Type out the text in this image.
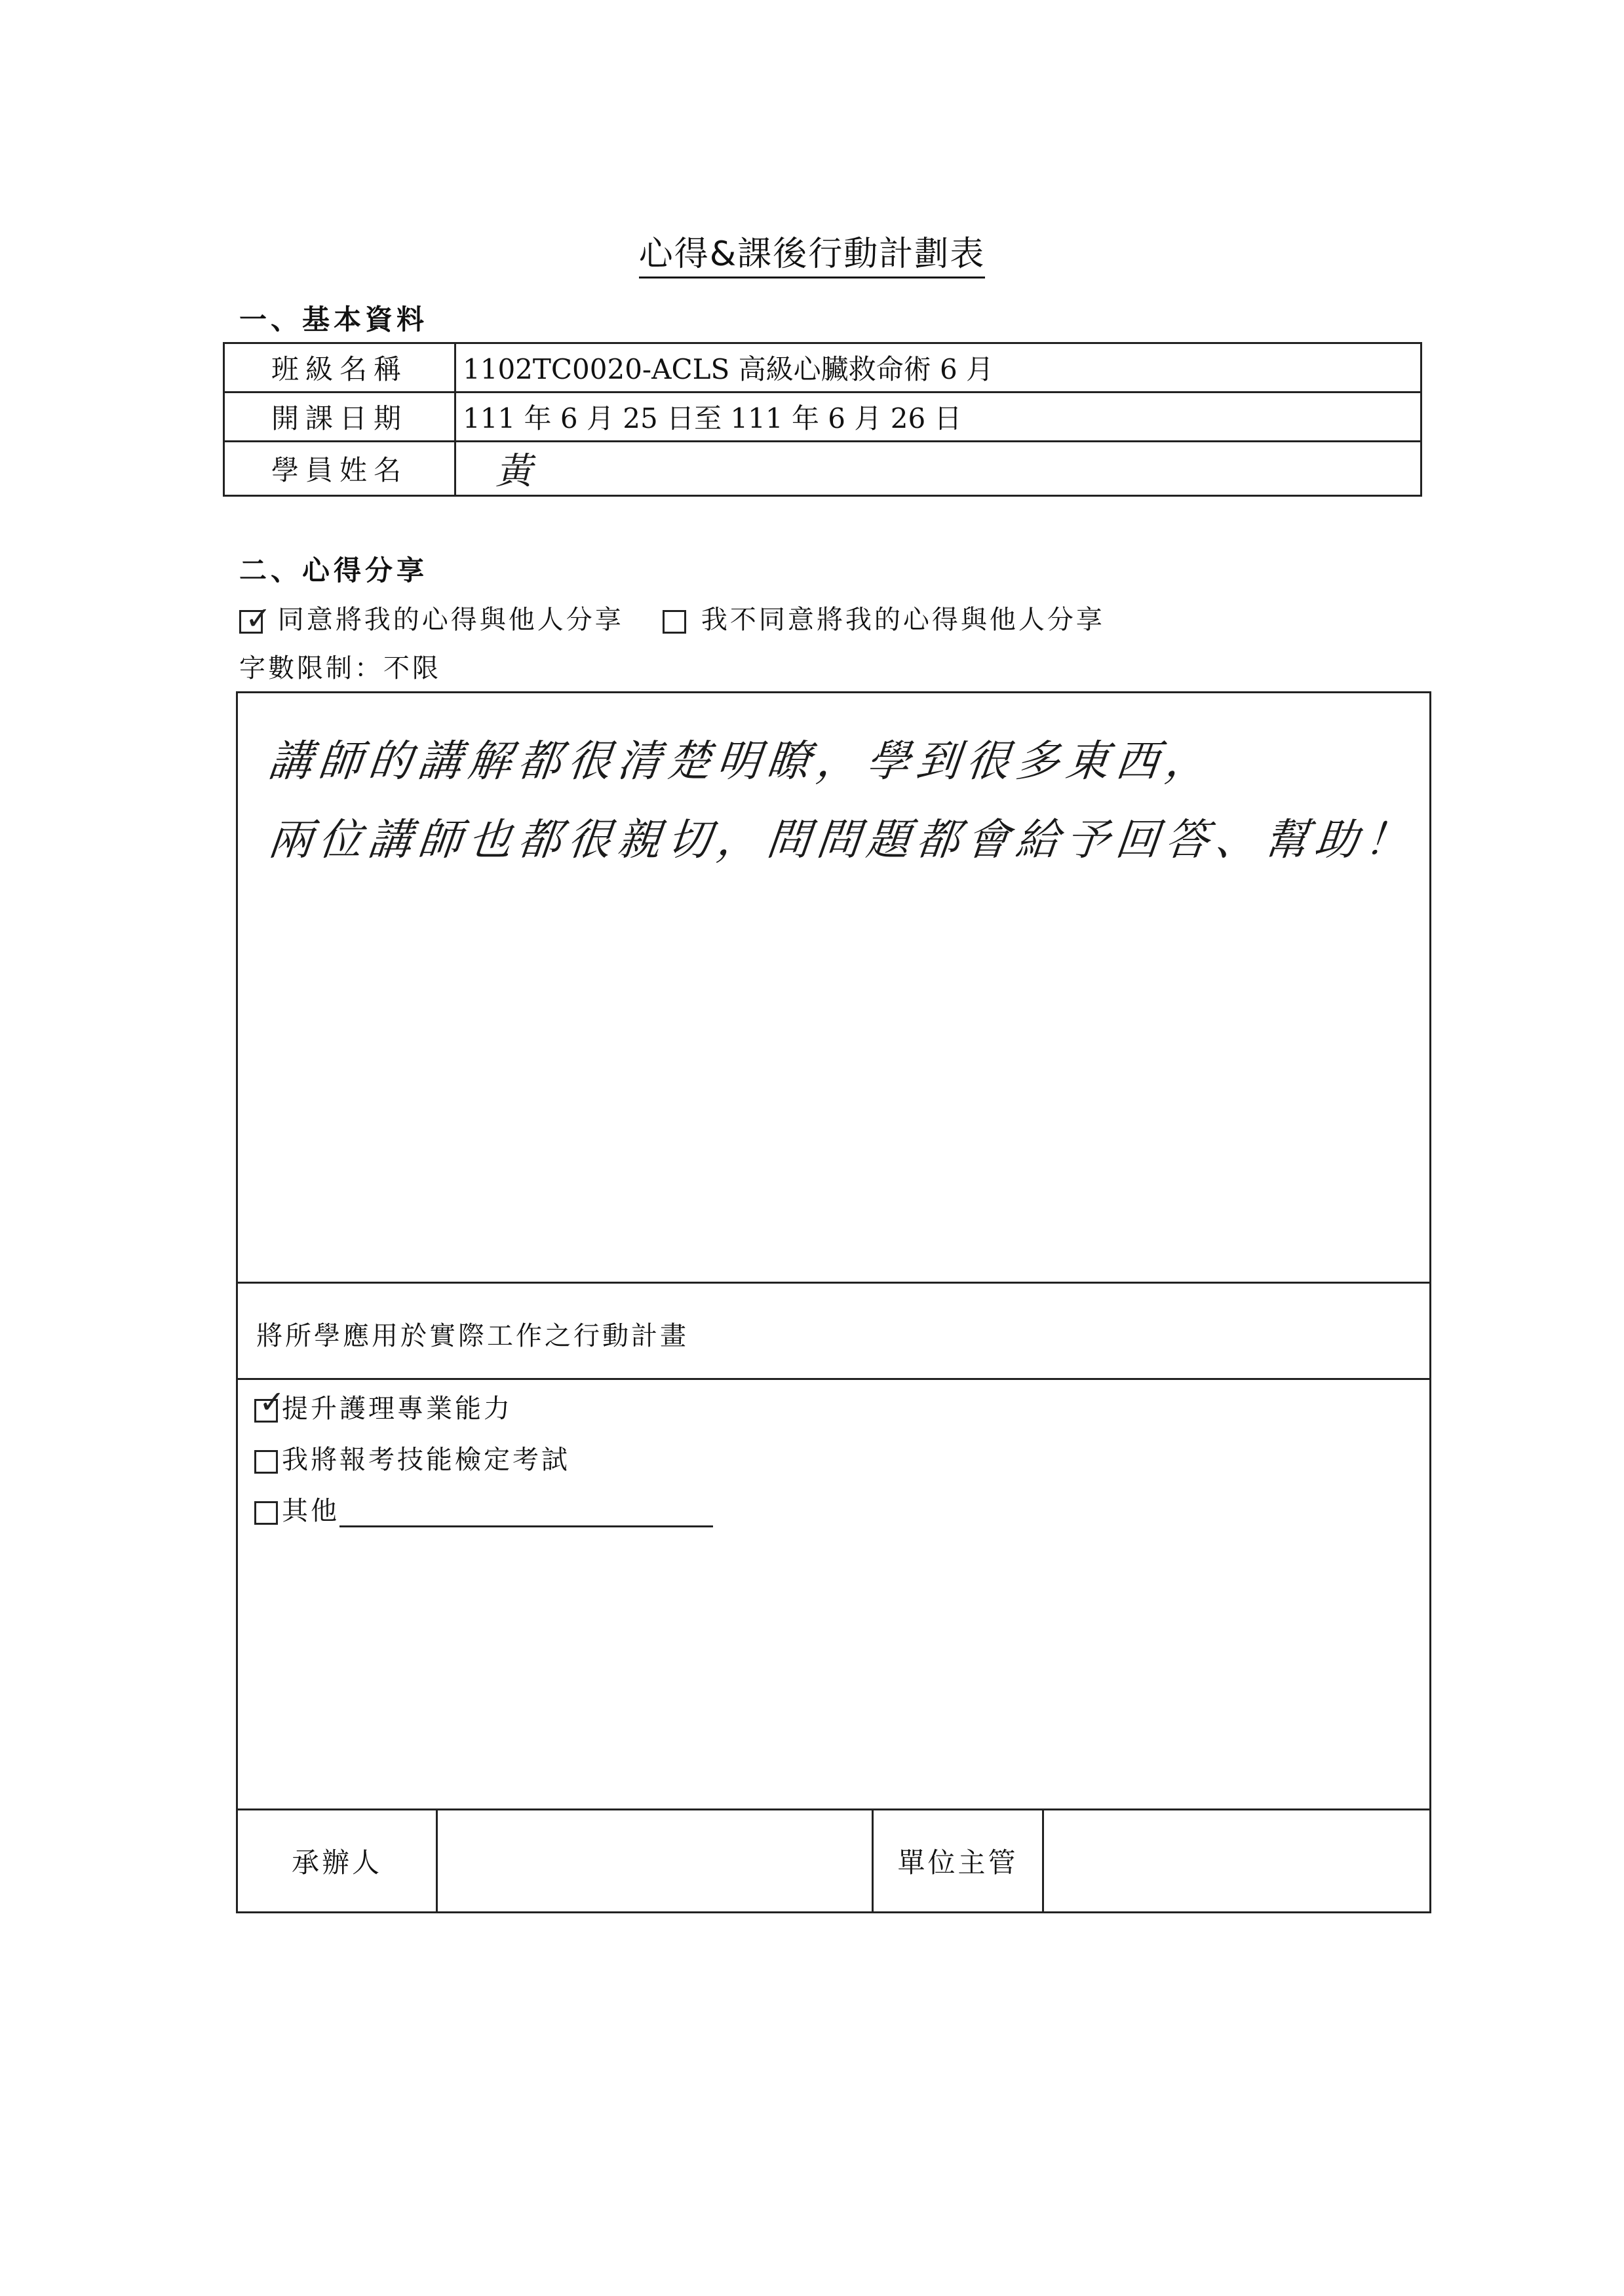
心得&課後行動計劃表
一、基本資料
班級名稱	1102TC0020-ACLS 高級心臟救命術 6 月
開課日期	111 年 6 月 25 日至 111 年 6 月 26 日
學員姓名	黃
二、心得分享
✓ 同意將我的心得與他人分享	我不同意將我的心得與他人分享
字數限制：不限
講師的講解都很清楚明瞭，學到很多東西，
兩位講師也都很親切，問問題都會給予回答、幫助！
將所學應用於實際工作之行動計畫
✓
提升護理專業能力
我將報考技能檢定考試
其他
承辦人		單位主管	
